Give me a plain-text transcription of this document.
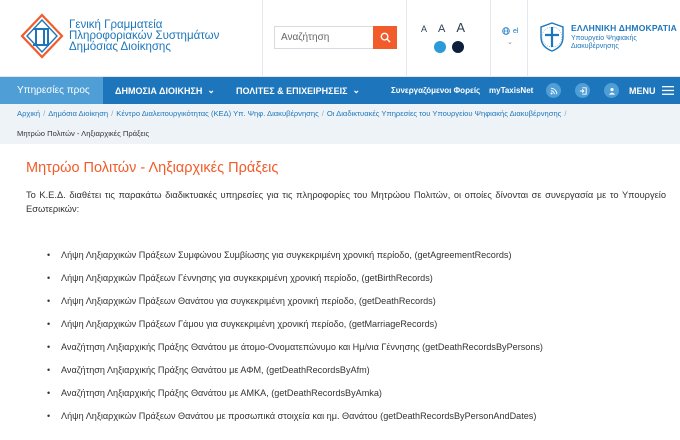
Γενική Γραμματεία
Πληροφοριακών Συστημάτων
Δημόσιας Διοίκησης
Αναζήτηση
A A A	el
⌄
ΕΛΛΗΝΙΚΗ ΔΗΜΟΚΡΑΤΙΑ
Υπουργείο Ψηφιακής
Διακυβέρνησης
Υπηρεσίες προς	ΔΗΜΟΣΙΑ ΔΙΟΙΚΗΣΗ ⌄ ΠΟΛΙΤΕΣ & ΕΠΙΧΕΙΡΗΣΕΙΣ ⌄	Συνεργαζόμενοι Φορείς myTaxisNet	MENU
Αρχική / Δημόσια Διοίκηση / Κέντρο Διαλειτουργικότητας (ΚΕΔ) Υπ. Ψηφ. Διακυβέρνησης / Οι Διαδικτυακές Υπηρεσίες του Υπουργείου Ψηφιακής Διακυβέρνησης /
Μητρώο Πολιτών - Ληξιαρχικές Πράξεις
Μητρώο Πολιτών - Ληξιαρχικές Πράξεις

Το Κ.Ε.Δ. διαθέτει τις παρακάτω διαδικτυακές υπηρεσίες για τις πληροφορίες του Μητρώου Πολιτών, οι οποίες δίνονται σε συνεργασία με το Υπουργείο Εσωτερικών:

• Λήψη Ληξιαρχικών Πράξεων Συμφώνου Συμβίωσης για συγκεκριμένη χρονική περίοδο, (getAgreementRecords)
• Λήψη Ληξιαρχικών Πράξεων Γέννησης για συγκεκριμένη χρονική περίοδο, (getBirthRecords)
• Λήψη Ληξιαρχικών Πράξεων Θανάτου για συγκεκριμένη χρονική περίοδο, (getDeathRecords)
• Λήψη Ληξιαρχικών Πράξεων Γάμου για συγκεκριμένη χρονική περίοδο, (getMarriageRecords)
• Αναζήτηση Ληξιαρχικής Πράξης Θανάτου με άτομο-Ονοματεπώνυμο και Ημ/νια Γέννησης (getDeathRecordsByPersons)
• Αναζήτηση Ληξιαρχικής Πράξης Θανάτου με ΑΦΜ, (getDeathRecordsByAfm)
• Αναζήτηση Ληξιαρχικής Πράξης Θανάτου με ΑΜΚΑ, (getDeathRecordsByAmka)
• Λήψη Ληξιαρχικών Πράξεων Θανάτου με προσωπικά στοιχεία και ημ. Θανάτου (getDeathRecordsByPersonAndDates)
